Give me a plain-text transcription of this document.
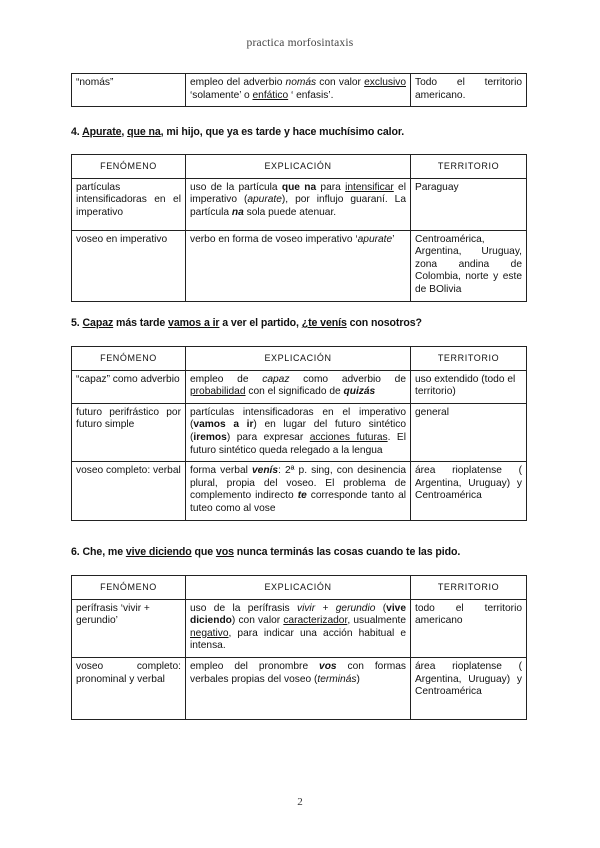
practica morfosintaxis
“nomás”	empleo del adverbio nomás con valor exclusivo ‘solamente’ o enfático ‘ enfasis’.	Todo el territorio americano.
4. Apurate, que na, mi hijo, que ya es tarde y hace muchísimo calor.
FENÓMENO	EXPLICACIÓN	TERRITORIO
partículas intensificadoras en el imperativo	uso de la partícula que na para intensificar el imperativo (apurate), por influjo guaraní. La partícula na sola puede atenuar.	Paraguay
voseo en imperativo	verbo en forma de voseo imperativo ‘apurate’	Centroamérica, Argentina, Uruguay, zona andina de Colombia, norte y este de BOlivia
5. Capaz más tarde vamos a ir a ver el partido, ¿te venís con nosotros?
FENÓMENO	EXPLICACIÓN	TERRITORIO
“capaz” como adverbio	empleo de capaz como adverbio de probabilidad con el significado de quizás	uso extendido (todo el territorio)
futuro perifrástico por futuro simple	partículas intensificadoras en el imperativo (vamos a ir) en lugar del futuro sintético (iremos) para expresar acciones futuras. El futuro sintético queda relegado a la lengua	general
voseo completo: verbal	forma verbal venís: 2ª p. sing, con desinencia plural, propia del voseo. El problema de complemento indirecto te corresponde tanto al tuteo como al vose	área rioplatense ( Argentina, Uruguay) y Centroamérica
6. Che, me vive diciendo que vos nunca terminás las cosas cuando te las pido.
FENÓMENO	EXPLICACIÓN	TERRITORIO
perífrasis ‘vivir + gerundio’	uso de la perífrasis vivir + gerundio (vive diciendo) con valor caracterizador, usualmente negativo, para indicar una acción habitual e intensa.	todo el territorio americano
voseo completo: pronominal y verbal	empleo del pronombre vos con formas verbales propias del voseo (terminás)	área rioplatense ( Argentina, Uruguay) y Centroamérica
2
